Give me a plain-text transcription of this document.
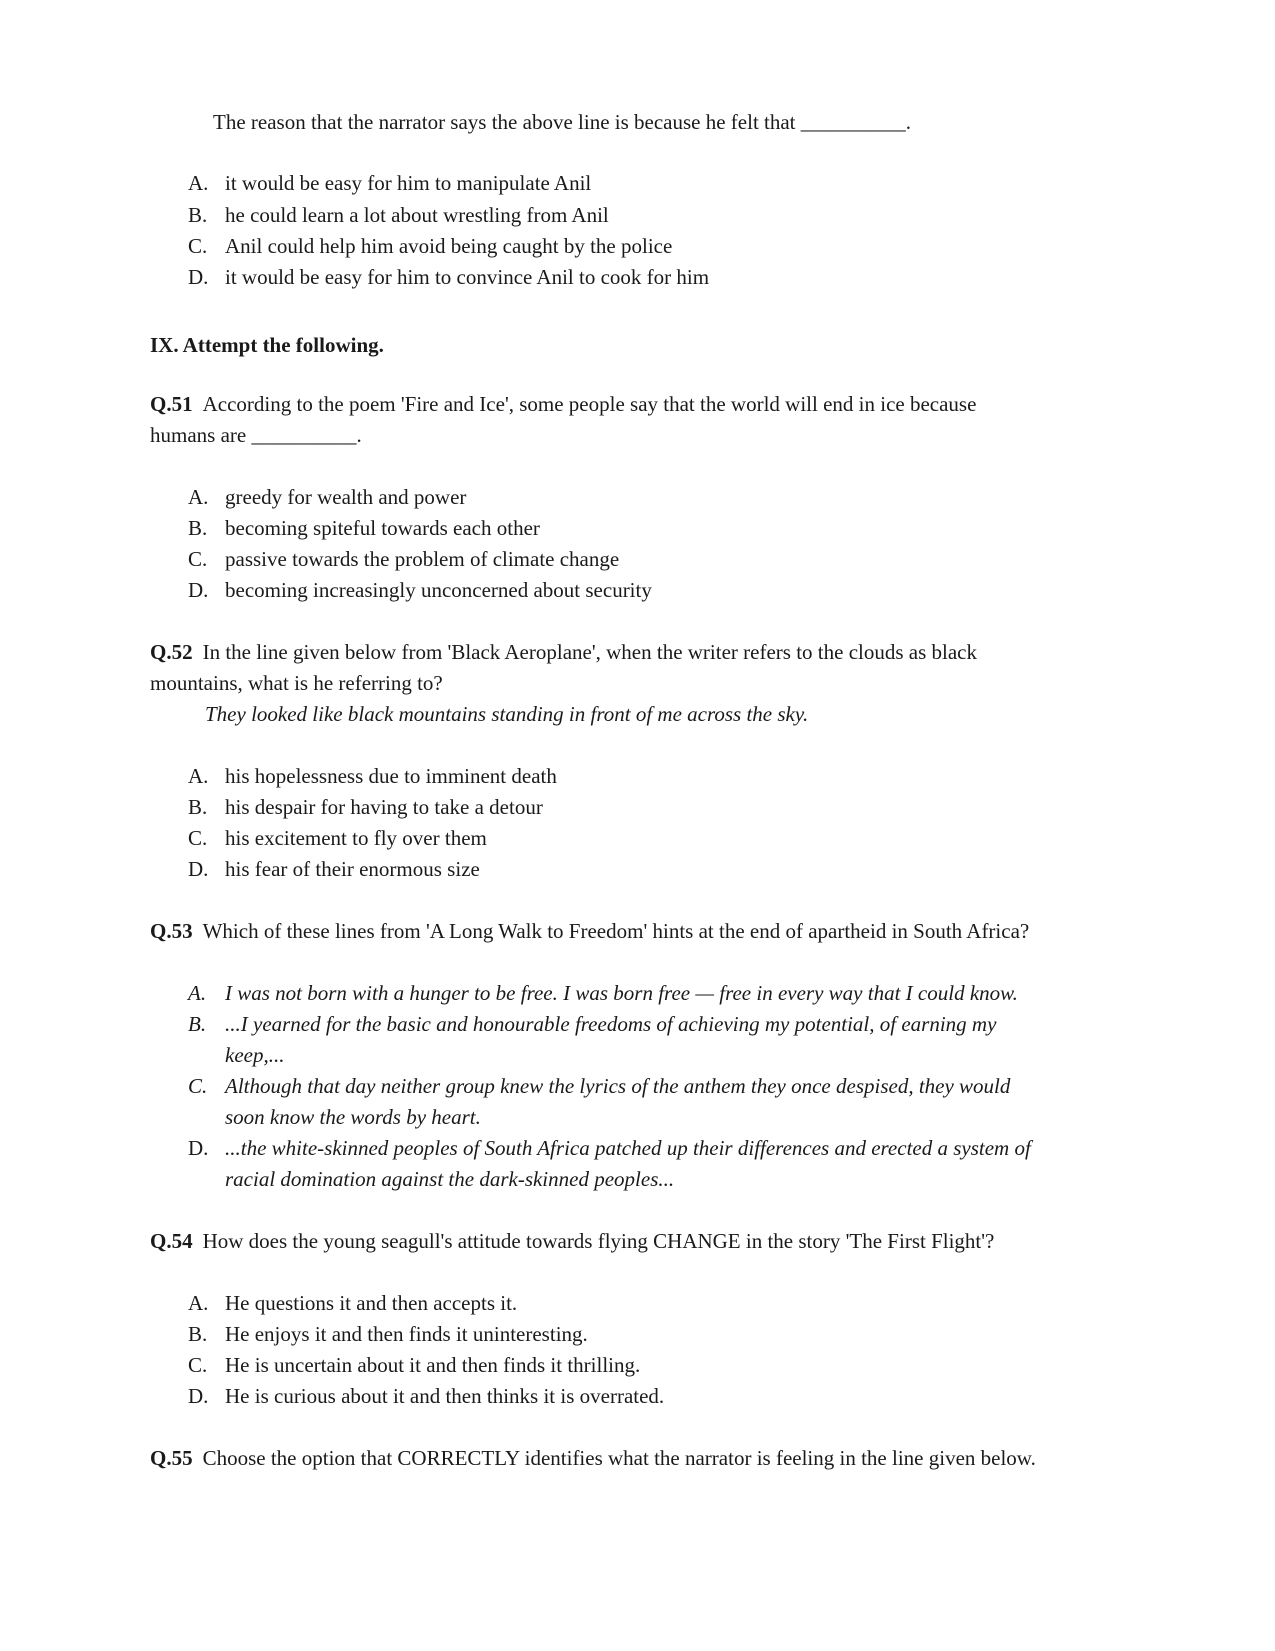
The reason that the narrator says the above line is because he felt that __________.
A. it would be easy for him to manipulate Anil
B. he could learn a lot about wrestling from Anil
C. Anil could help him avoid being caught by the police
D. it would be easy for him to convince Anil to cook for him
IX. Attempt the following.
Q.51 According to the poem 'Fire and Ice', some people say that the world will end in ice because
humans are __________.
A. greedy for wealth and power
B. becoming spiteful towards each other
C. passive towards the problem of climate change
D. becoming increasingly unconcerned about security
Q.52 In the line given below from 'Black Aeroplane', when the writer refers to the clouds as black
mountains, what is he referring to?
They looked like black mountains standing in front of me across the sky.
A. his hopelessness due to imminent death
B. his despair for having to take a detour
C. his excitement to fly over them
D. his fear of their enormous size
Q.53 Which of these lines from 'A Long Walk to Freedom' hints at the end of apartheid in South Africa?
A. I was not born with a hunger to be free. I was born free — free in every way that I could know.
B. ...I yearned for the basic and honourable freedoms of achieving my potential, of earning my
keep,...
C. Although that day neither group knew the lyrics of the anthem they once despised, they would
soon know the words by heart.
D. ...the white-skinned peoples of South Africa patched up their differences and erected a system of
racial domination against the dark-skinned peoples...
Q.54 How does the young seagull's attitude towards flying CHANGE in the story 'The First Flight'?
A. He questions it and then accepts it.
B. He enjoys it and then finds it uninteresting.
C. He is uncertain about it and then finds it thrilling.
D. He is curious about it and then thinks it is overrated.
Q.55 Choose the option that CORRECTLY identifies what the narrator is feeling in the line given below.
